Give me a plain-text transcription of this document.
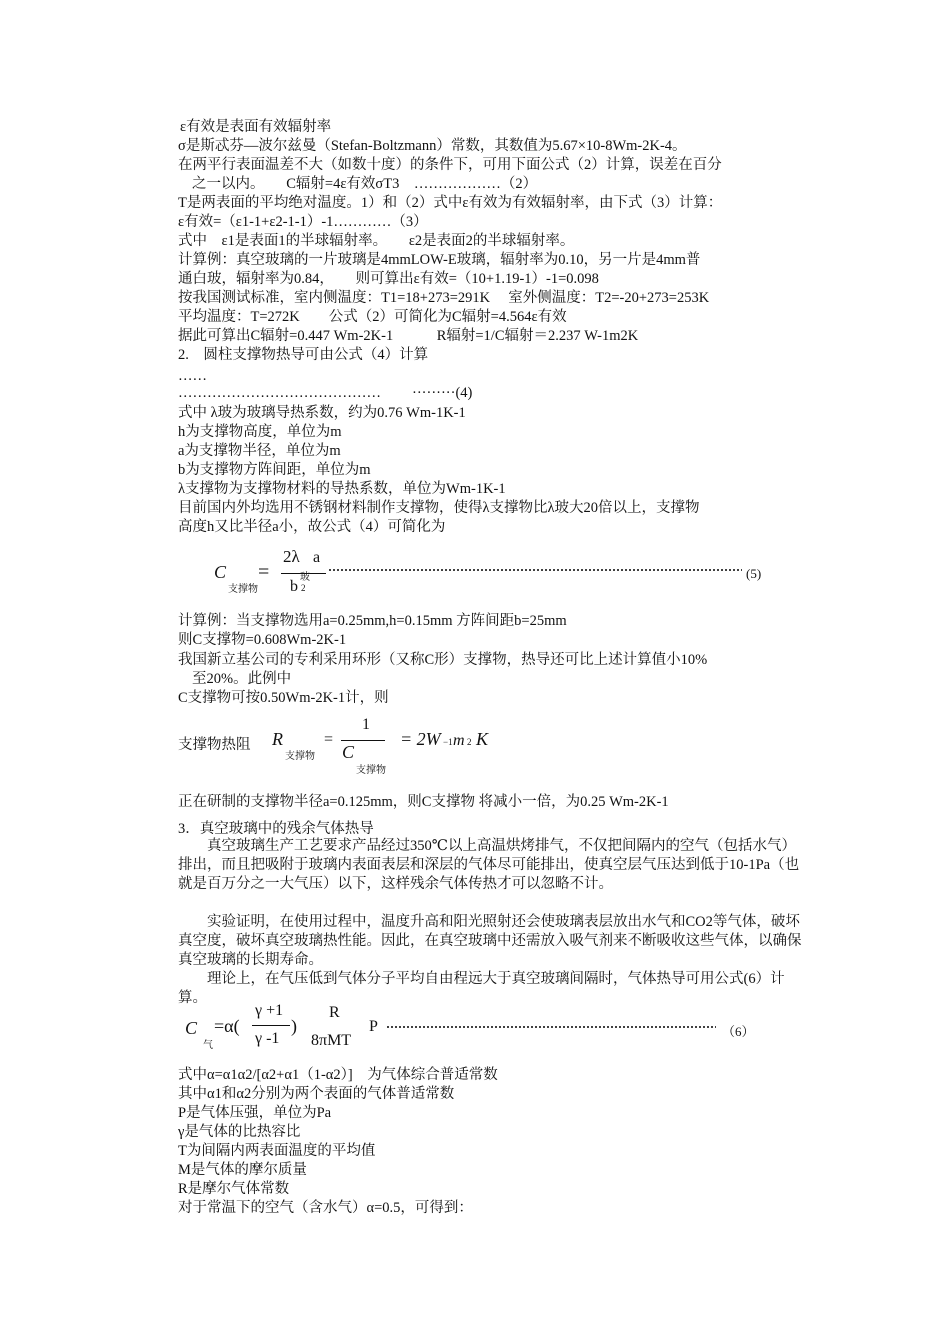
ε有效是表面有效辐射率
σ是斯忒芬—波尔兹曼（Stefan-Boltzmann）常数，其数值为5.67×10-8Wm-2K-4。
在两平行表面温差不大（如数十度）的条件下，可用下面公式（2）计算，误差在百分
之一以内。　　C辐射=4ε有效σT3　………………（2）
T是两表面的平均绝对温度。1）和（2）式中ε有效为有效辐射率，由下式（3）计算：
ε有效=（ε1-1+ε2-1-1）-1…………（3）
式中　ε1是表面1的半球辐射率。　　ε2是表面2的半球辐射率。
计算例：真空玻璃的一片玻璃是4mmLOW-E玻璃，辐射率为0.10，另一片是4mm普
通白玻，辐射率为0.84，　　则可算出ε有效=（10+1.19-1）-1=0.098
按我国测试标准，室内侧温度：T1=18+273=291K　 室外侧温度：T2=-20+273=253K
平均温度：T=272K　　公式（2）可简化为C辐射=4.564ε有效
据此可算出C辐射=0.447 Wm-2K-1　　　R辐射=1/C辐射＝2.237 W-1m2K
2.　圆柱支撑物热导可由公式（4）计算
……
…………………………………… ·········(4)
式中 λ玻为玻璃导热系数，约为0.76 Wm-1K-1
h为支撑物高度，单位为m
a为支撑物半径，单位为m
b为支撑物方阵间距，单位为m
λ支撑物为支撑物材料的导热系数，单位为Wm-1K-1
目前国内外均选用不锈钢材料制作支撑物，使得λ支撑物比λ玻大20倍以上，支撑物
高度h又比半径a小，故公式（4）可简化为
C
支撑物
=
2λ a
玻
b 2
(5)
计算例：当支撑物选用a=0.25mm,h=0.15mm 方阵间距b=25mm
则C支撑物=0.608Wm-2K-1
我国新立基公司的专利采用环形（又称C形）支撑物，热导还可比上述计算值小10%
至20%。此例中
C支撑物可按0.50Wm-2K-1计，则
支撑物热阻 R
支撑物
=
1
C
支撑物
= 2W −1 m 2 K
正在研制的支撑物半径a=0.125mm，则C支撑物 将减小一倍，为0.25 Wm-2K-1
3．真空玻璃中的残余气体热导
真空玻璃生产工艺要求产品经过350℃以上高温烘烤排气，不仅把间隔内的空气（包括水气）排出，而且把吸附于玻璃内表面表层和深层的气体尽可能排出，使真空层气压达到低于10-1Pa（也就是百万分之一大气压）以下，这样残余气体传热才可以忽略不计。
实验证明，在使用过程中，温度升高和阳光照射还会使玻璃表层放出水气和CO2等气体，破坏真空度，破坏真空玻璃热性能。因此，在真空玻璃中还需放入吸气剂来不断吸收这些气体，以确保真空玻璃的长期寿命。
理论上，在气压低到气体分子平均自由程远大于真空玻璃间隔时，气体热导可用公式(6）计算。
C
气
=α(
γ +1
γ -1
)
R
8πMT
P	（6）
式中α=α1α2/[α2+α1（1-α2）]　为气体综合普适常数
其中α1和α2分别为两个表面的气体普适常数
P是气体压强，单位为Pa
γ是气体的比热容比
T为间隔内两表面温度的平均值
M是气体的摩尔质量
R是摩尔气体常数
对于常温下的空气（含水气）α=0.5，可得到：
